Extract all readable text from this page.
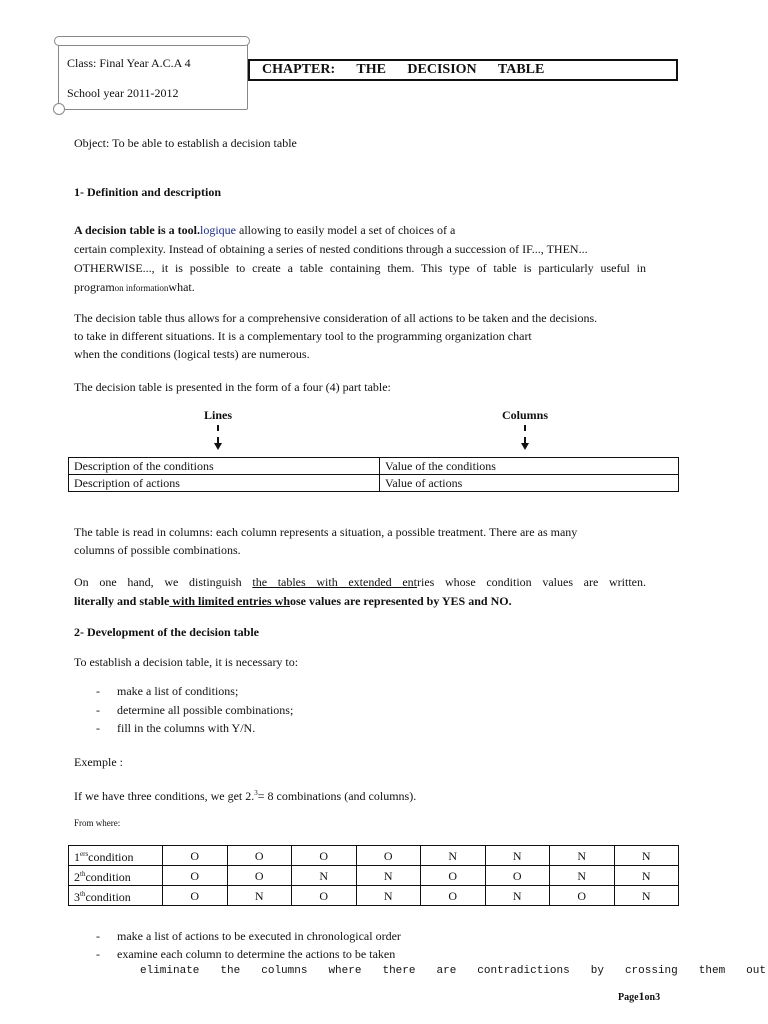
Class: Final Year A.C.A 4
School year 2011-2012
CHAPTER: THE DECISION TABLE
Object: To be able to establish a decision table
1- Definition and description
A decision table is a tool.logique allowing to easily model a set of choices of a
certain complexity. Instead of obtaining a series of nested conditions through a succession of IF..., THEN...
OTHERWISE..., it is possible to create a table containing them. This type of table is particularly useful in
programon informationwhat.
The decision table thus allows for a comprehensive consideration of all actions to be taken and the decisions.
to take in different situations. It is a complementary tool to the programming organization chart
when the conditions (logical tests) are numerous.
The decision table is presented in the form of a four (4) part table:
Lines	Columns
Description of the conditions	Value of the conditions
Description of actions	Value of actions
The table is read in columns: each column represents a situation, a possible treatment. There are as many
columns of possible combinations.
On one hand, we distinguish the tables with extended entries whose condition values are written.
literally and stable with limited entries whose values are represented by YES and NO.
2- Development of the decision table
To establish a decision table, it is necessary to:
- make a list of conditions;
- determine all possible combinations;
- fill in the columns with Y/N.
Exemple :
If we have three conditions, we get 2.$^3$= 8 combinations (and columns).
From where:
1erscondition	O	O	O	O	N	N	N	N
2thcondition	O	O	N	N	O	O	N	N
3thcondition	O	N	O	N	O	N	O	N
- make a list of actions to be executed in chronological order
- examine each column to determine the actions to be taken
eliminate the columns where there are contradictions by crossing them out
Page1on3
